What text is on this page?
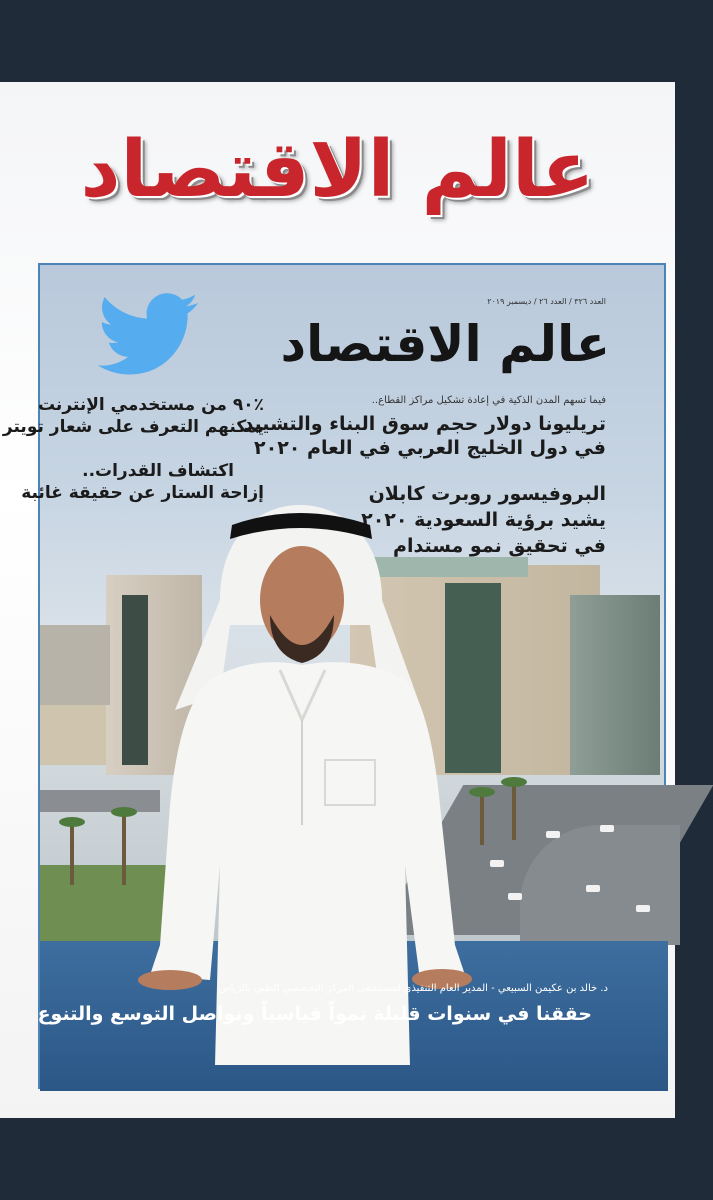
عالم الاقتصاد
العدد ٣٢٦ / العدد ٢٦ / ديسمبر ٢٠١٩
عالم الاقتصاد
٪٩٠ من مستخدمي الإنترنت
يمكنهم التعرف على شعار تويتر
اكتشاف القدرات..
إزاحة الستار عن حقيقة غائبة
فيما تسهم المدن الذكية في إعادة تشكيل مراكز القطاع..
تريليونا دولار حجم سوق البناء والتشييد
في دول الخليج العربي في العام ٢٠٢٠
البروفيسور روبرت كابلان
يشيد برؤية السعودية ٢٠٢٠
في تحقيق نمو مستدام
د. خالد بن عكيمن السبيعي - المدير العام التنفيذي لمستشفى المركز التخصصي الطبي بالرياض
حققنا في سنوات قليلة نمواً قياسياً ونواصل التوسع والتنوع
